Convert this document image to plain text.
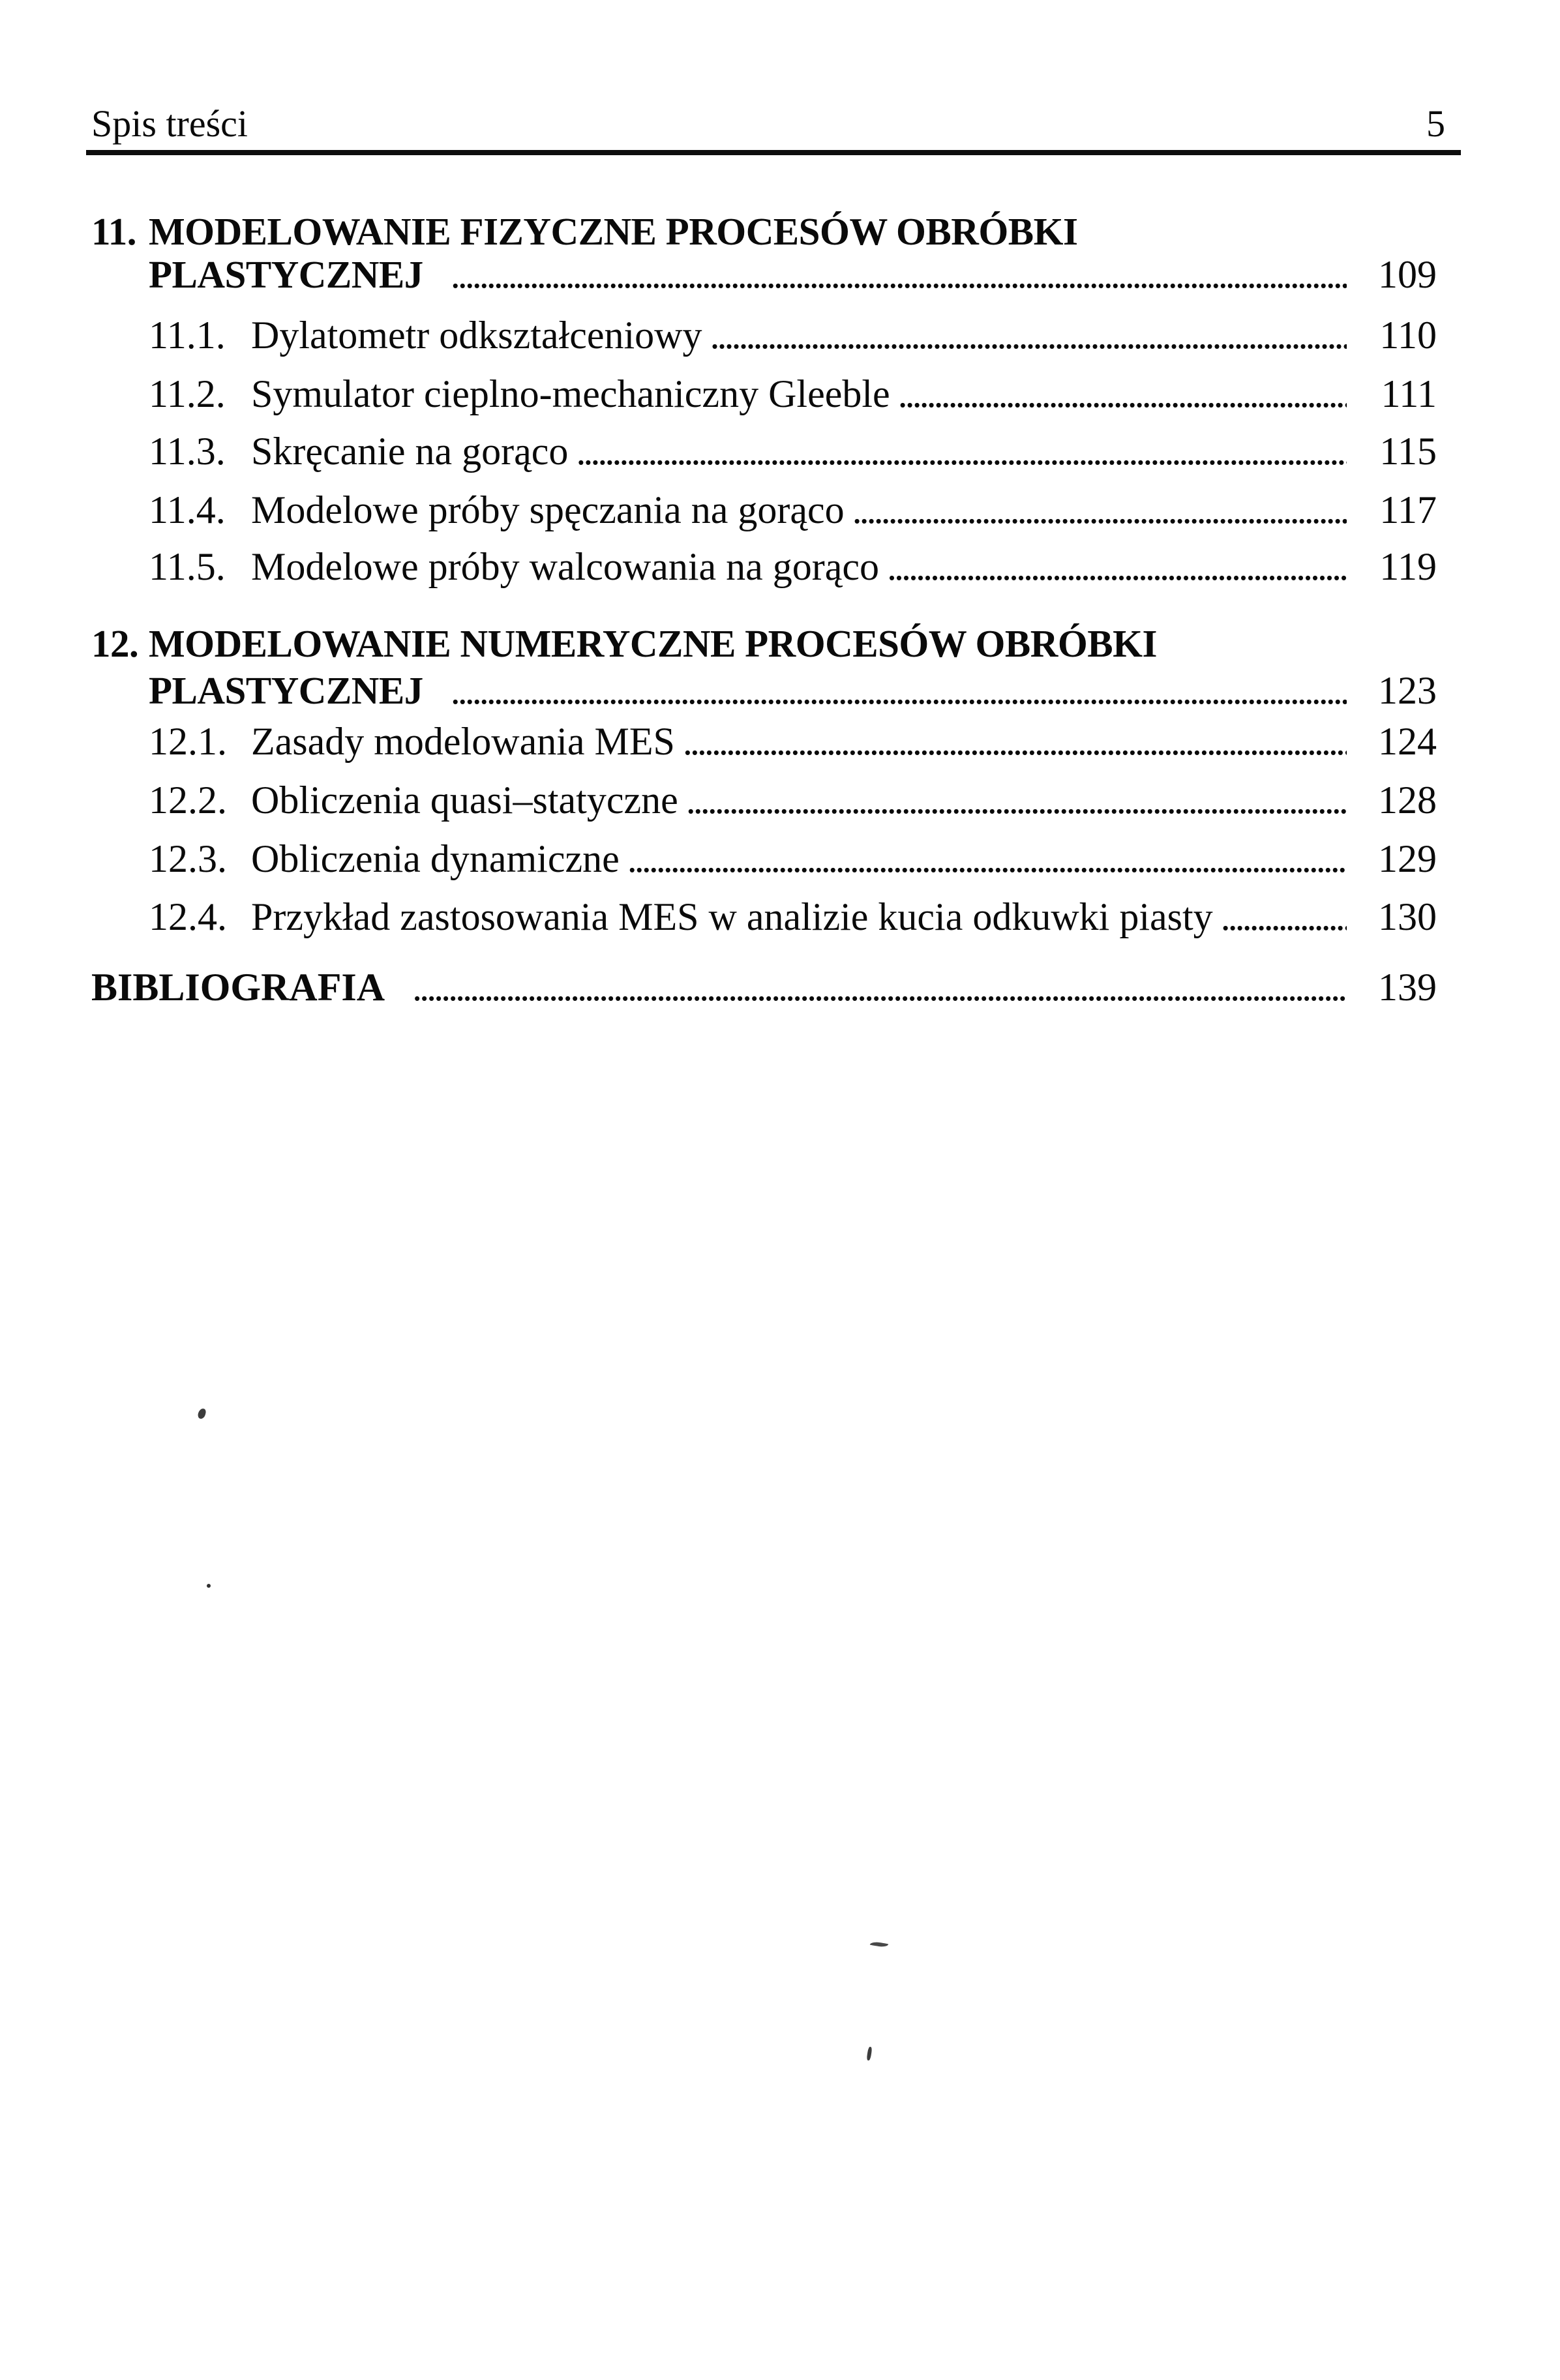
Spis treści	5
11. MODELOWANIE FIZYCZNE PROCESÓW OBRÓBKI
PLASTYCZNEJ .....	109
11.1. Dylatometr odkształceniowy .....	110
11.2. Symulator cieplno-mechaniczny Gleeble .....	111
11.3. Skręcanie na gorąco .....	115
11.4. Modelowe próby spęczania na gorąco .....	117
11.5. Modelowe próby walcowania na gorąco .....	119
12. MODELOWANIE NUMERYCZNE PROCESÓW OBRÓBKI
PLASTYCZNEJ .....	123
12.1. Zasady modelowania MES .....	124
12.2. Obliczenia quasi–statyczne .....	128
12.3. Obliczenia dynamiczne .....	129
12.4. Przykład zastosowania MES w analizie kucia odkuwki piasty .....	130
BIBLIOGRAFIA .....	139
